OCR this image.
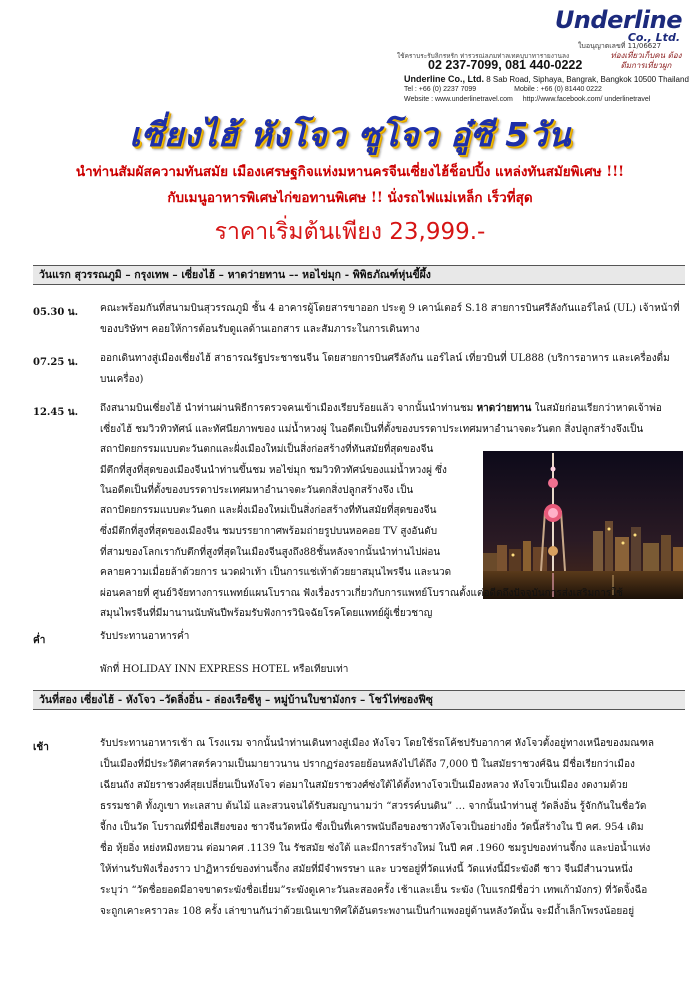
Underline
Co., Ltd.
ใบอนุญาตเลขที่ 11/06627
ใช้คราบระรับลิกรหรัก ท่ารวรณ่ลภมท่าลเทคบุบาทารายงานลง	ท่องเที่ยวเก็บคน ต้องดีมการเที่ยวผูก
02 237-7099, 081 440-0222
Underline Co., Ltd. 8 Sab Road, Siphaya, Bangrak, Bangkok 10500 Thailand
Tel : +66 (0) 2237 7099	Mobile : +66 (0) 81440 0222
Website : www.underlinetravel.com http://www.facebook.com/ underlinetravel
เซี่ยงไฮ้ หังโจว ซูโจว อู๋ซี 5วัน
นำท่านสัมผัสความทันสมัย เมืองเศรษฐกิจแห่งมหานครจีนเซี่ยงไฮ้ช็อปปิ้ง แหล่งทันสมัยพิเศษ !!!
กับเมนูอาหารพิเศษไก่ขอทานพิเศษ !! นั่งรถไฟแม่เหล็ก เร็วที่สุด
ราคาเริ่มต้นเพียง 23,999.-
วันแรก สุวรรณภูมิ – กรุงเทพ – เซี่ยงไฮ้ – หาดว่ายทาน –- หอไข่มุก - พิพิธภัณฑ์หุ่นขี้ผึ้ง
05.30 น. คณะพร้อมกันที่สนามบินสุวรรณภูมิ ชั้น 4 อาคารผู้โดยสารขาออก ประตู 9 เคาน์เตอร์ S.18 สายการบินศรีลังกันแอร์ไลน์ (UL) เจ้าหน้าที่ของบริษัทฯ คอยให้การต้อนรับดูแลด้านเอกสาร และสัมภาระในการเดินทาง
07.25 น. ออกเดินทางสู่เมืองเซี่ยงไฮ้ สาธารณรัฐประชาชนจีน โดยสายการบินศรีลังกัน แอร์ไลน์ เที่ยวบินที่ UL888 (บริการอาหาร และเครื่องดื่ม บนเครื่อง)
12.45 น. ถึงสนามบินเซี่ยงไฮ้ นำท่านผ่านพิธีการตรวจคนเข้าเมืองเรียบร้อยแล้ว จากนั้นนำท่านชม หาดว่ายทาน ในสมัยก่อนเรียกว่าหาดเจ้าพ่อเซี่ยงไฮ้ ชมวิวทิวทัศน์ และทัศนียภาพของ แม่น้ำหวงผู่ ในอดีตเป็นที่ตั้งของบรรดาประเทศมหาอำนาจตะวันตก สิ่งปลูกสร้างจึงเป็น
สถาปัตยกรรมแบบตะวันตกและฝั่งเมืองใหม่เป็นสิ่งก่อสร้างที่ทันสมัยที่สุดของจีน
มีตึกที่สูงที่สุดของเมืองจีนนำท่านขึ้นชม หอไข่มุก ชมวิวทิวทัศน์ของแม่น้ำหวงผู่ ซึ่ง
ในอดีตเป็นที่ตั้งของบรรดาประเทศมหาอำนาจตะวันตกสิ่งปลูกสร้างจึง เป็น
สถาปัตยกรรมแบบตะวันตก และฝั่งเมืองใหม่เป็นสิ่งก่อสร้างที่ทันสมัยที่สุดของจีน
ซึ่งมีตึกที่สูงที่สุดของเมืองจีน ชมบรรยากาศพร้อมถ่ายรูปบนหอคอย TV สูงอันดับ
ที่สามของโลกเรากับตึกที่สูงที่สุดในเมืองจีนสูงถึง88ชั้นหลังจากนั้นนำท่านไปผ่อน
คลายความเมื่อยล้าด้วยการ นวดฝ่าเท้า เป็นการแช่เท้าด้วยยาสมุนไพรจีน และนวด
ผ่อนคลายที่ ศูนย์วิจัยทางการแพทย์แผนโบราณ ฟังเรื่องราวเกี่ยวกับการแพทย์โบราณตั้งแต่อดีตถึงปัจจุบันการส่งเสริมการใช้
สมุนไพรจีนที่มีมานานนับพันปีพร้อมรับฟังการวินิจฉัยโรคโดยแพทย์ผู้เชี่ยวชาญ
ค่ำ	รับประทานอาหารค่ำ
พักที่ HOLIDAY INN EXPRESS HOTEL หรือเทียบเท่า
วันที่สอง เซี่ยงไฮ้ - หังโจว –วัดลิ่งอิ่น - ล่องเรือซีหู – หมู่บ้านใบชามังกร – โชว์ไท่ซองฟีซุ
เช้า	รับประทานอาหารเช้า ณ โรงแรม จากนั้นนำท่านเดินทางสู่เมือง หังโจว โดยใช้รถโค้ชปรับอากาศ หังโจวตั้งอยู่ทางเหนือของมณฑล
เป็นเมืองที่มีประวัติศาสตร์ความเป็นมายาวนาน ปรากฏร่องรอยย้อนหลังไปได้ถึง 7,000 ปี ในสมัยราชวงศ์ฉิน มีชื่อเรียกว่าเมือง
เฉียนถัง สมัยราชวงศ์สุยเปลี่ยนเป็นหังโจว ต่อมาในสมัยราชวงศ์ซ่งใต้ได้ตั้งหางโจวเป็นเมืองหลวง หังโจวเป็นเมือง งดงามด้วย
ธรรมชาติ ทั้งภูเขา ทะเลสาบ ต้นไม้ และสวนจนได้รับสมญานามว่า “สวรรค์บนดิน” … จากนั้นนำท่านสู่ วัดลิ่งอิ่น รู้จักกันในชื่อวัด
จี้กง เป็นวัด โบราณที่มีชื่อเสียงของ ชาวจีนวัดหนึ่ง ซึ่งเป็นที่เคารพนับถือของชาวหังโจวเป็นอย่างยิ่ง วัดนี้สร้างใน ปี คศ. 954 เดิม
ชื่อ หุ้ยอิ่ง หย่งหมิงหยวน ต่อมาคศ .1139 ใน รัชสมัย ซ่งใต้ และมีการสร้างใหม่ ในปี คศ .1960 ชมรูปของท่านจี้กง และบ่อน้ำแห่ง
ให้ท่านรับฟังเรื่องราว ปาฏิหารย์ของท่านจี้กง สมัยที่มีจำพรรษา และ บวชอยู่ที่วัดแห่งนี้ วัดแห่งนี้มีระฆังดี ชาว จีนมีสำนวนหนึ่ง
ระบุว่า “วัดชื่อยอดมีอาจขาดระฆังชื่อเยี่ยม”ระฆังดูเคาะวันละสองครั้ง เช้าและเย็น ระฆัง (ใบแรกมีชื่อว่า เทพเก้ามังกร) ที่วัดจิ้งฉือ
จะถูกเคาะคราวละ 108 ครั้ง เล่าขานกันว่าด้วยเนินเขาทิศใต้อันตระพงานเป็นกำแพงอยู่ด้านหลังวัดนั้น จะมีถ้ำเล็กโพรงน้อยอยู่
